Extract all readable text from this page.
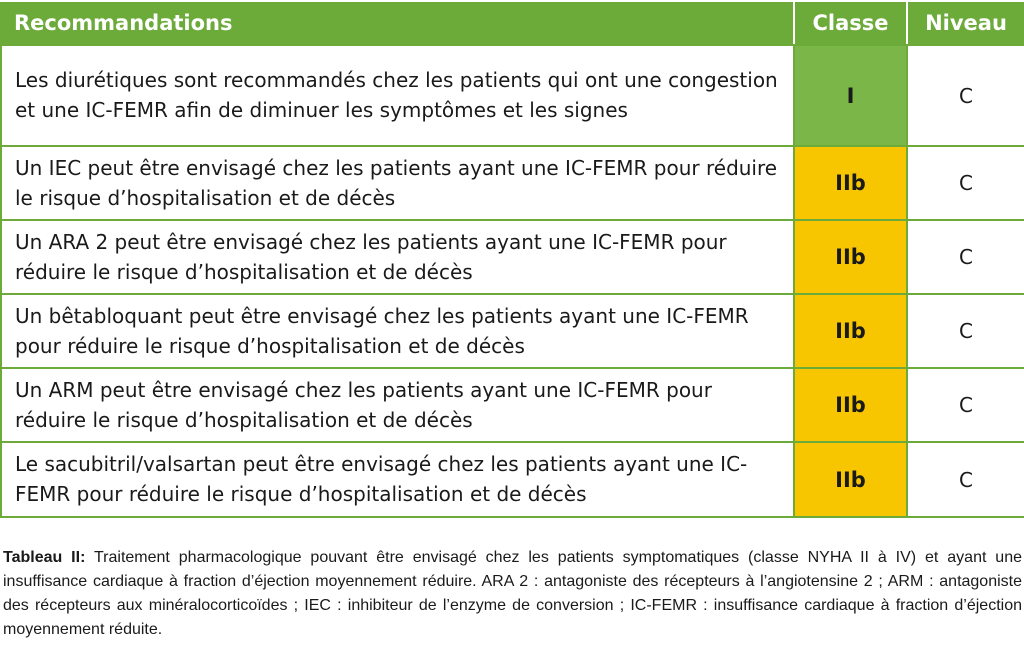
Recommandations	Classe	Niveau
Les diurétiques sont recommandés chez les patients qui ont une congestion et une IC-FEMR afin de diminuer les symptômes et les signes	I	C
Un IEC peut être envisagé chez les patients ayant une IC-FEMR pour réduire le risque d’hospitalisation et de décès	IIb	C
Un ARA 2 peut être envisagé chez les patients ayant une IC-FEMR pour réduire le risque d’hospitalisation et de décès	IIb	C
Un bêtabloquant peut être envisagé chez les patients ayant une IC-FEMR pour réduire le risque d’hospitalisation et de décès	IIb	C
Un ARM peut être envisagé chez les patients ayant une IC-FEMR pour réduire le risque d’hospitalisation et de décès	IIb	C
Le sacubitril/valsartan peut être envisagé chez les patients ayant une IC-FEMR pour réduire le risque d’hospitalisation et de décès	IIb	C
Tableau II: Traitement pharmacologique pouvant être envisagé chez les patients symptomatiques (classe NYHA II à IV) et ayant une insuffisance cardiaque à fraction d’éjection moyennement réduire. ARA 2 : antagoniste des récepteurs à l’angiotensine 2 ; ARM : antagoniste des récepteurs aux minéralocorticoïdes ; IEC : inhibiteur de l’enzyme de conversion ; IC-FEMR : insuffisance cardiaque à fraction d’éjection moyennement réduite.
